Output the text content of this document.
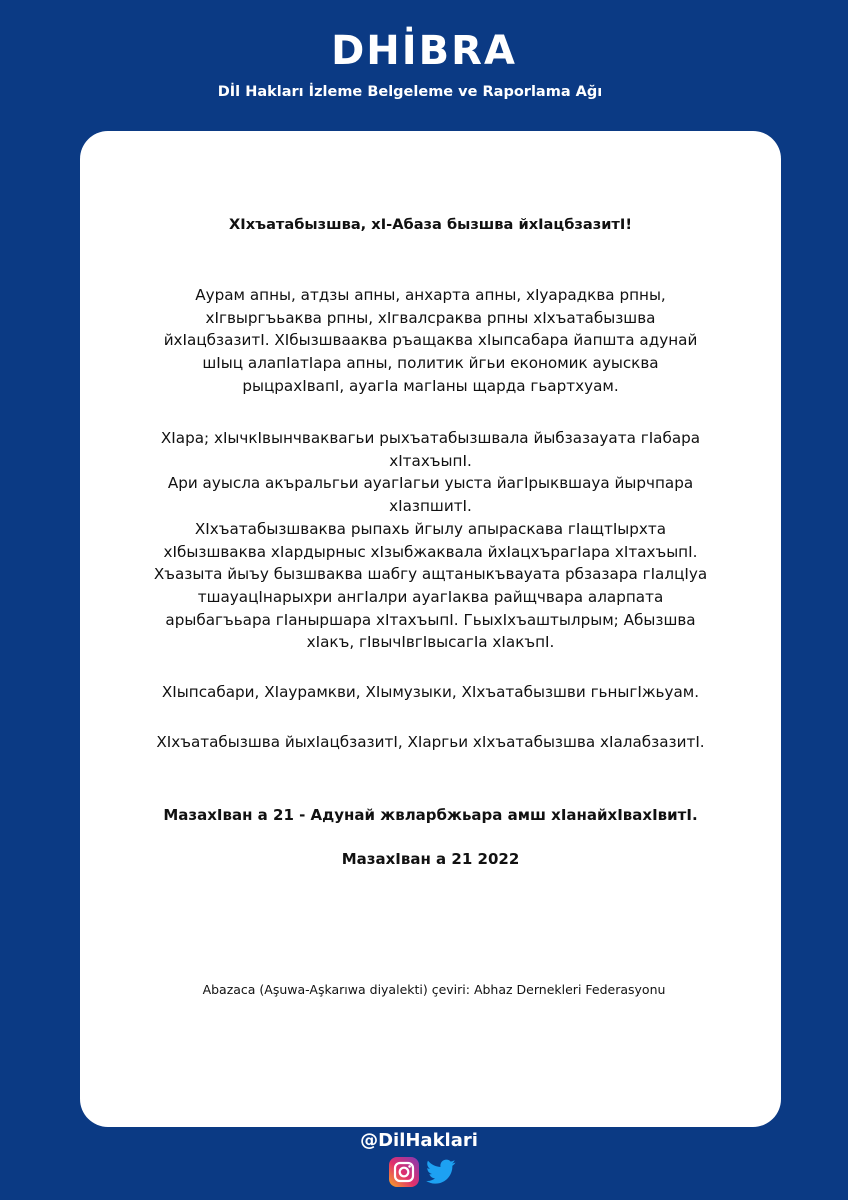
DHİBRA
Dİl Hakları İzleme Belgeleme ve Raporlama Ağı
ХIхъатабызшва, хI-Абаза бызшва йхIацбзазитI!
Аурам апны, атдзы апны, анхарта апны, хIуарадква рпны,
хIгвыргъьаква рпны, хIгвалсраква рпны хIхъатабызшва
йхIацбзазитI. ХIбызшвааква ръащаква хIыпсабара йапшта адунай
шIыц алапIатIара апны, политик йгьи економик ауысква
рыцрахIвапI, ауагIа магIаны щарда гьартхуам.
ХIара; хIычкIвынчваквагьи рыхъатабызшвала йыбзазауата гIабара
хIтахъыпI.
Ари ауысла акъральгьи ауагIагьи уыста йагIрыквшауа йырчпара
хIазпшитI.
ХIхъатабызшваква рыпахь йгылу апыраскава гIащтIырхта
хIбызшваква хIардырныс хIзыбжаквала йхIацхърагIара хIтахъыпI.
Хъазыта йыъу бызшваква шабгу ащтаныкъвауата рбзазара гIалцIуа
тшауацIнарыхри ангIалри ауагIаква райщчвара аларпата
арыбагъьара гIаныршара хIтахъыпI. ГьыхIхъаштылрым; Абызшва
хIакъ, гIвычIвгIвысагIа хIакъпI.
ХIыпсабари, ХIаурамкви, ХIымузыки, ХIхъатабызшви гьныгIжьуам.
ХIхъатабызшва йыхIацбзазитI, ХIаргьи хIхъатабызшва хIалабзазитI.
МазахIван а 21 - Адунай жвларбжьара амш хIанайхIвахIвитI.
МазахIван а 21 2022
Abazaca (Aşuwa-Aşkarıwa diyalekti) çeviri: Abhaz Dernekleri Federasyonu
@DilHaklari
